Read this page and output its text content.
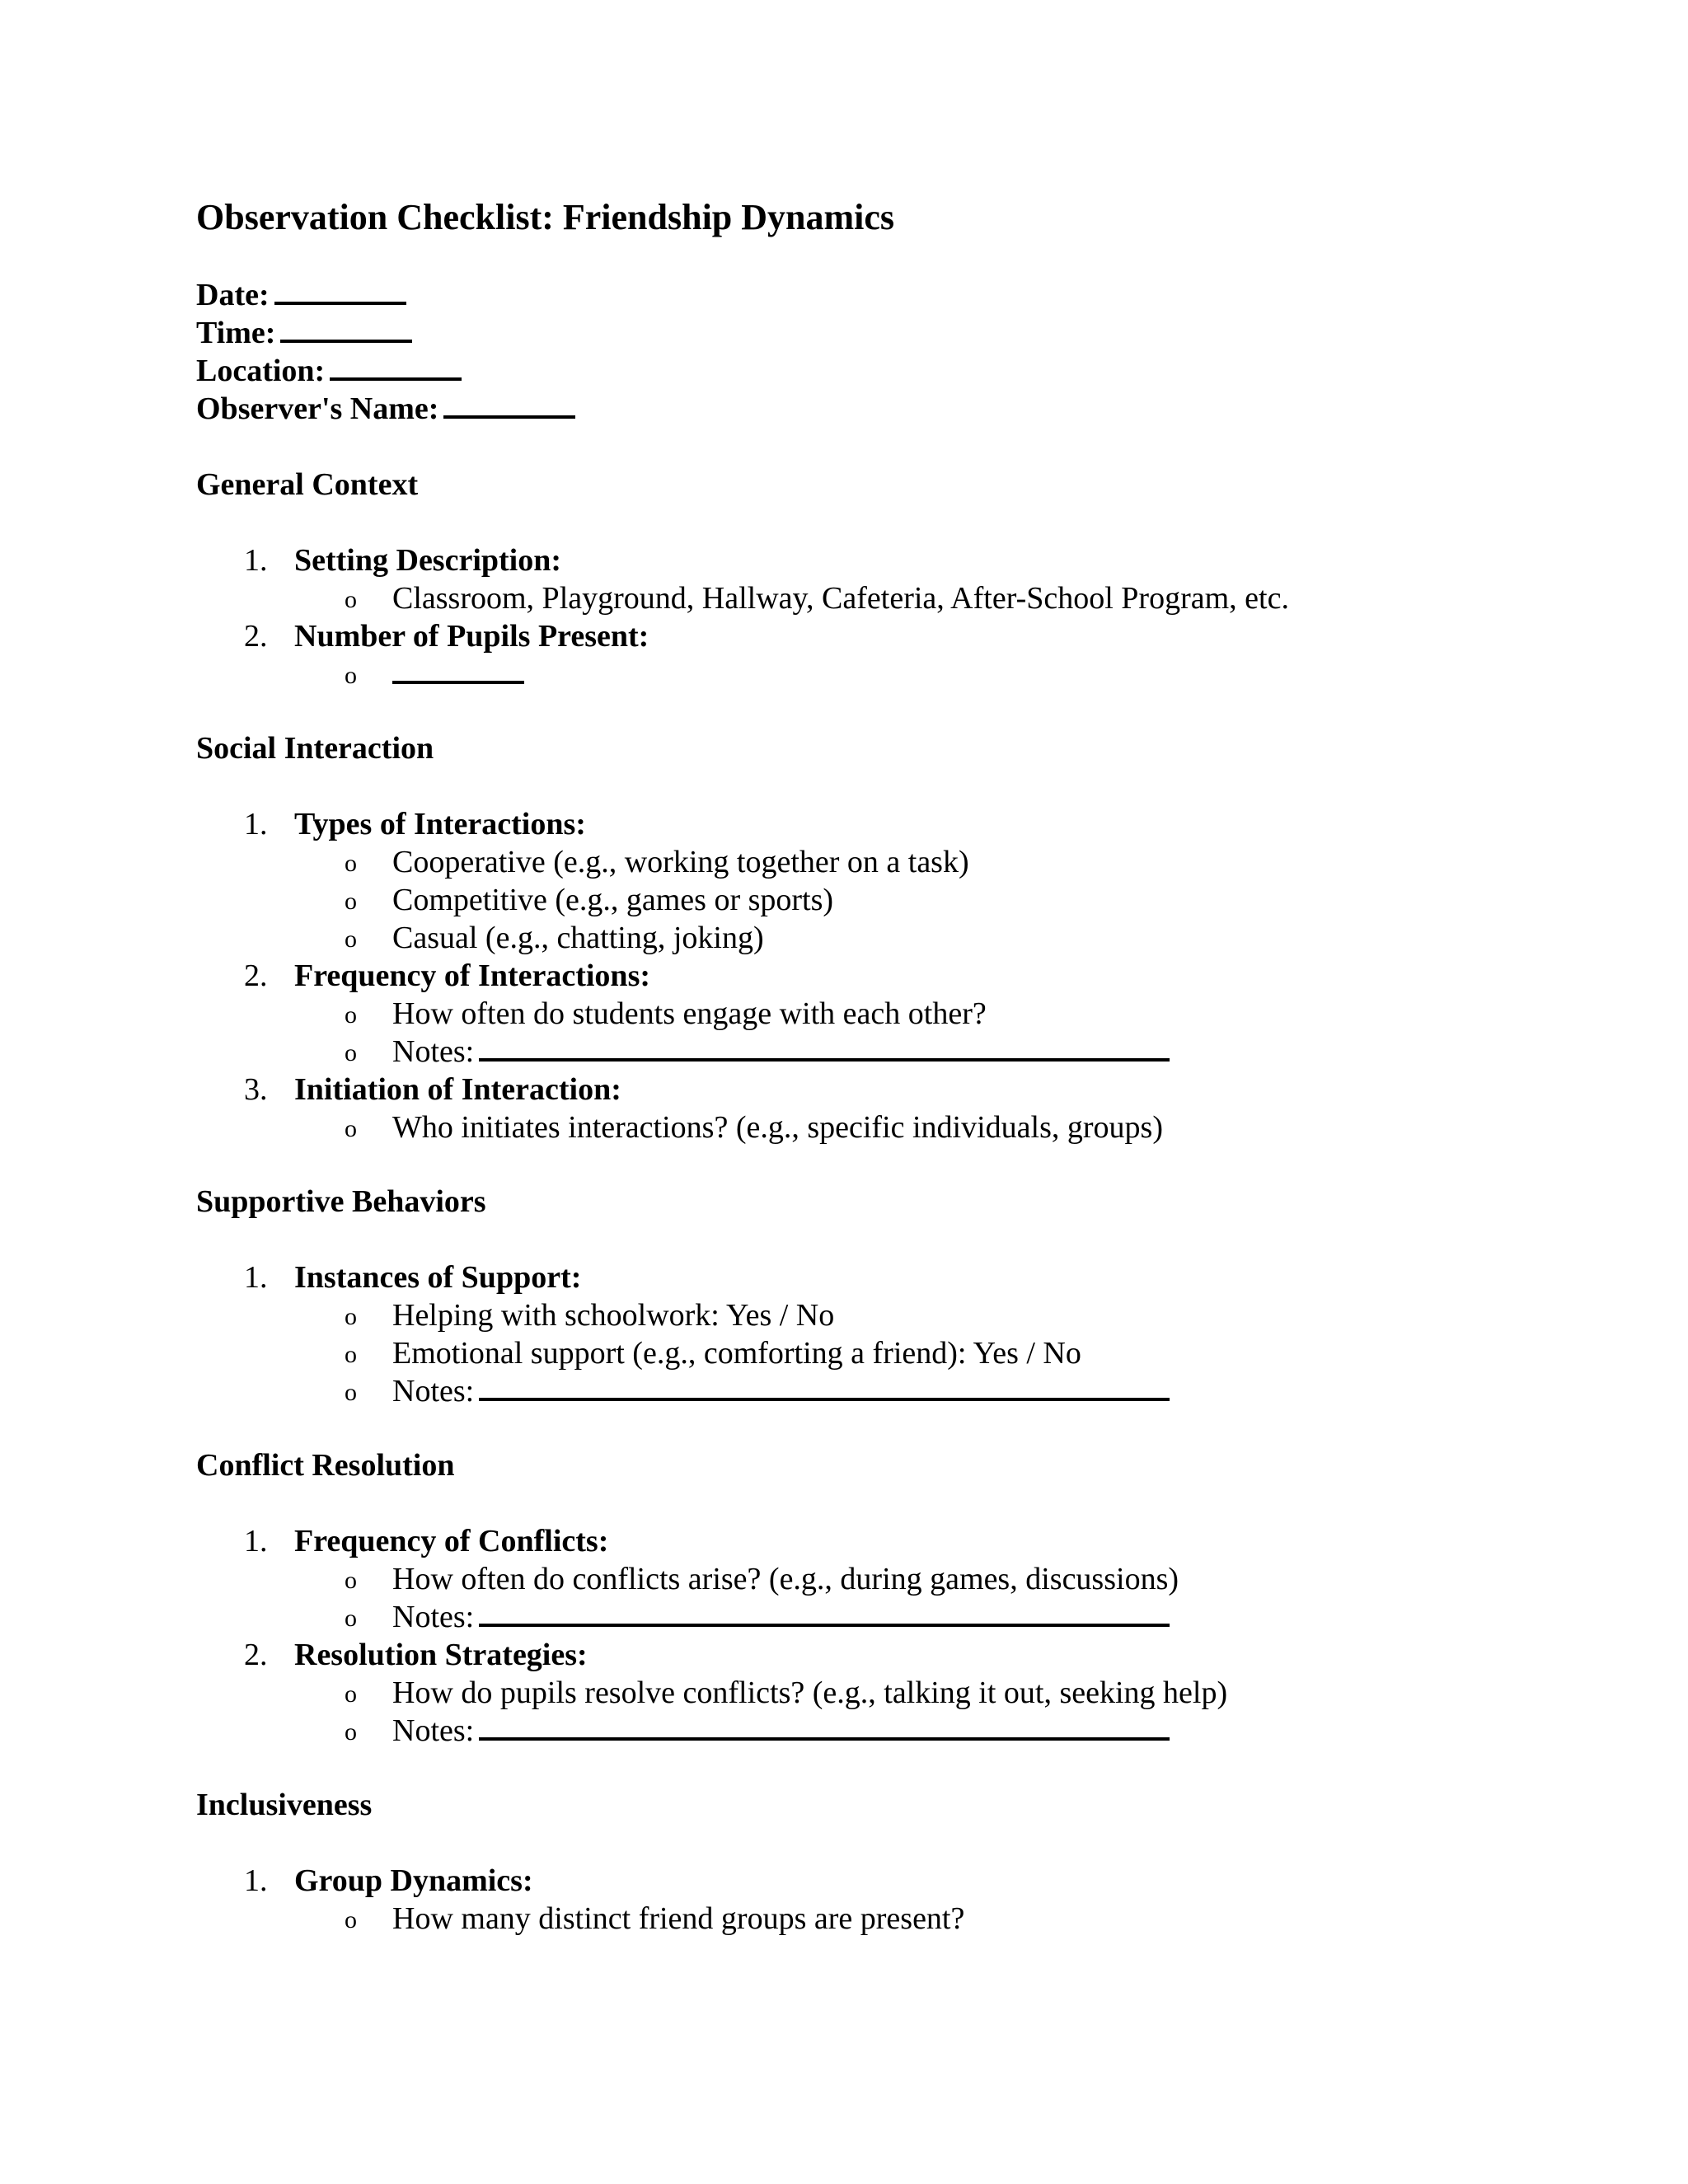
Observation Checklist: Friendship Dynamics
Date:
Time:
Location:
Observer's Name:
General Context
1. Setting Description:
o Classroom, Playground, Hallway, Cafeteria, After-School Program, etc.
2. Number of Pupils Present:
o
Social Interaction
1. Types of Interactions:
o Cooperative (e.g., working together on a task)
o Competitive (e.g., games or sports)
o Casual (e.g., chatting, joking)
2. Frequency of Interactions:
o How often do students engage with each other?
o Notes:
3. Initiation of Interaction:
o Who initiates interactions? (e.g., specific individuals, groups)
Supportive Behaviors
1. Instances of Support:
o Helping with schoolwork: Yes / No
o Emotional support (e.g., comforting a friend): Yes / No
o Notes:
Conflict Resolution
1. Frequency of Conflicts:
o How often do conflicts arise? (e.g., during games, discussions)
o Notes:
2. Resolution Strategies:
o How do pupils resolve conflicts? (e.g., talking it out, seeking help)
o Notes:
Inclusiveness
1. Group Dynamics:
o How many distinct friend groups are present?
